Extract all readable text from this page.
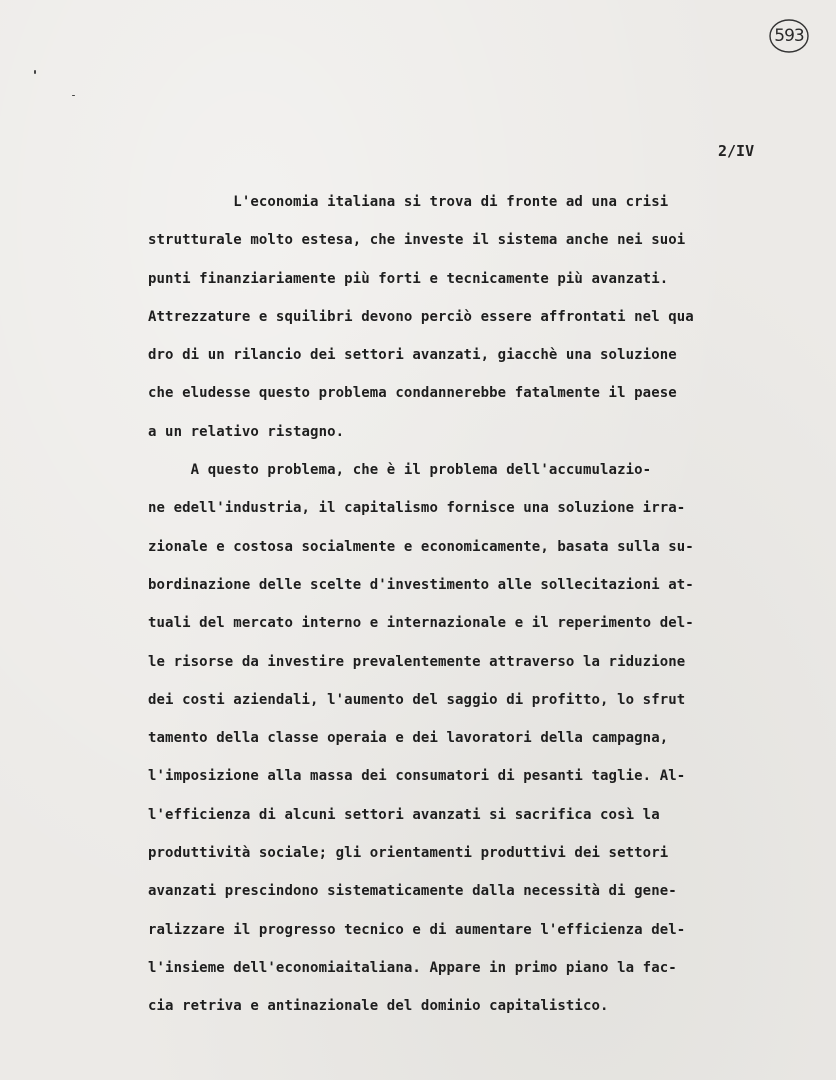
593
2/IV
L'economia italiana si trova di fronte ad una crisi
strutturale molto estesa, che investe il sistema anche nei suoi
punti finanziariamente più forti e tecnicamente più avanzati.
Attrezzature e squilibri devono perciò essere affrontati nel qua
dro di un rilancio dei settori avanzati, giacchè una soluzione
che eludesse questo problema condannerebbe fatalmente il paese
a un relativo ristagno.
A questo problema, che è il problema dell'accumulazio-
ne edell'industria, il capitalismo fornisce una soluzione irra-
zionale e costosa socialmente e economicamente, basata sulla su-
bordinazione delle scelte d'investimento alle sollecitazioni at-
tuali del mercato interno e internazionale e il reperimento del-
le risorse da investire prevalentemente attraverso la riduzione
dei costi aziendali, l'aumento del saggio di profitto, lo sfrut
tamento della classe operaia e dei lavoratori della campagna,
l'imposizione alla massa dei consumatori di pesanti taglie. Al-
l'efficienza di alcuni settori avanzati si sacrifica così la
produttività sociale; gli orientamenti produttivi dei settori
avanzati prescindono sistematicamente dalla necessità di gene-
ralizzare il progresso tecnico e di aumentare l'efficienza del-
l'insieme dell'economiaitaliana. Appare in primo piano la fac-
cia retriva e antinazionale del dominio capitalistico.
